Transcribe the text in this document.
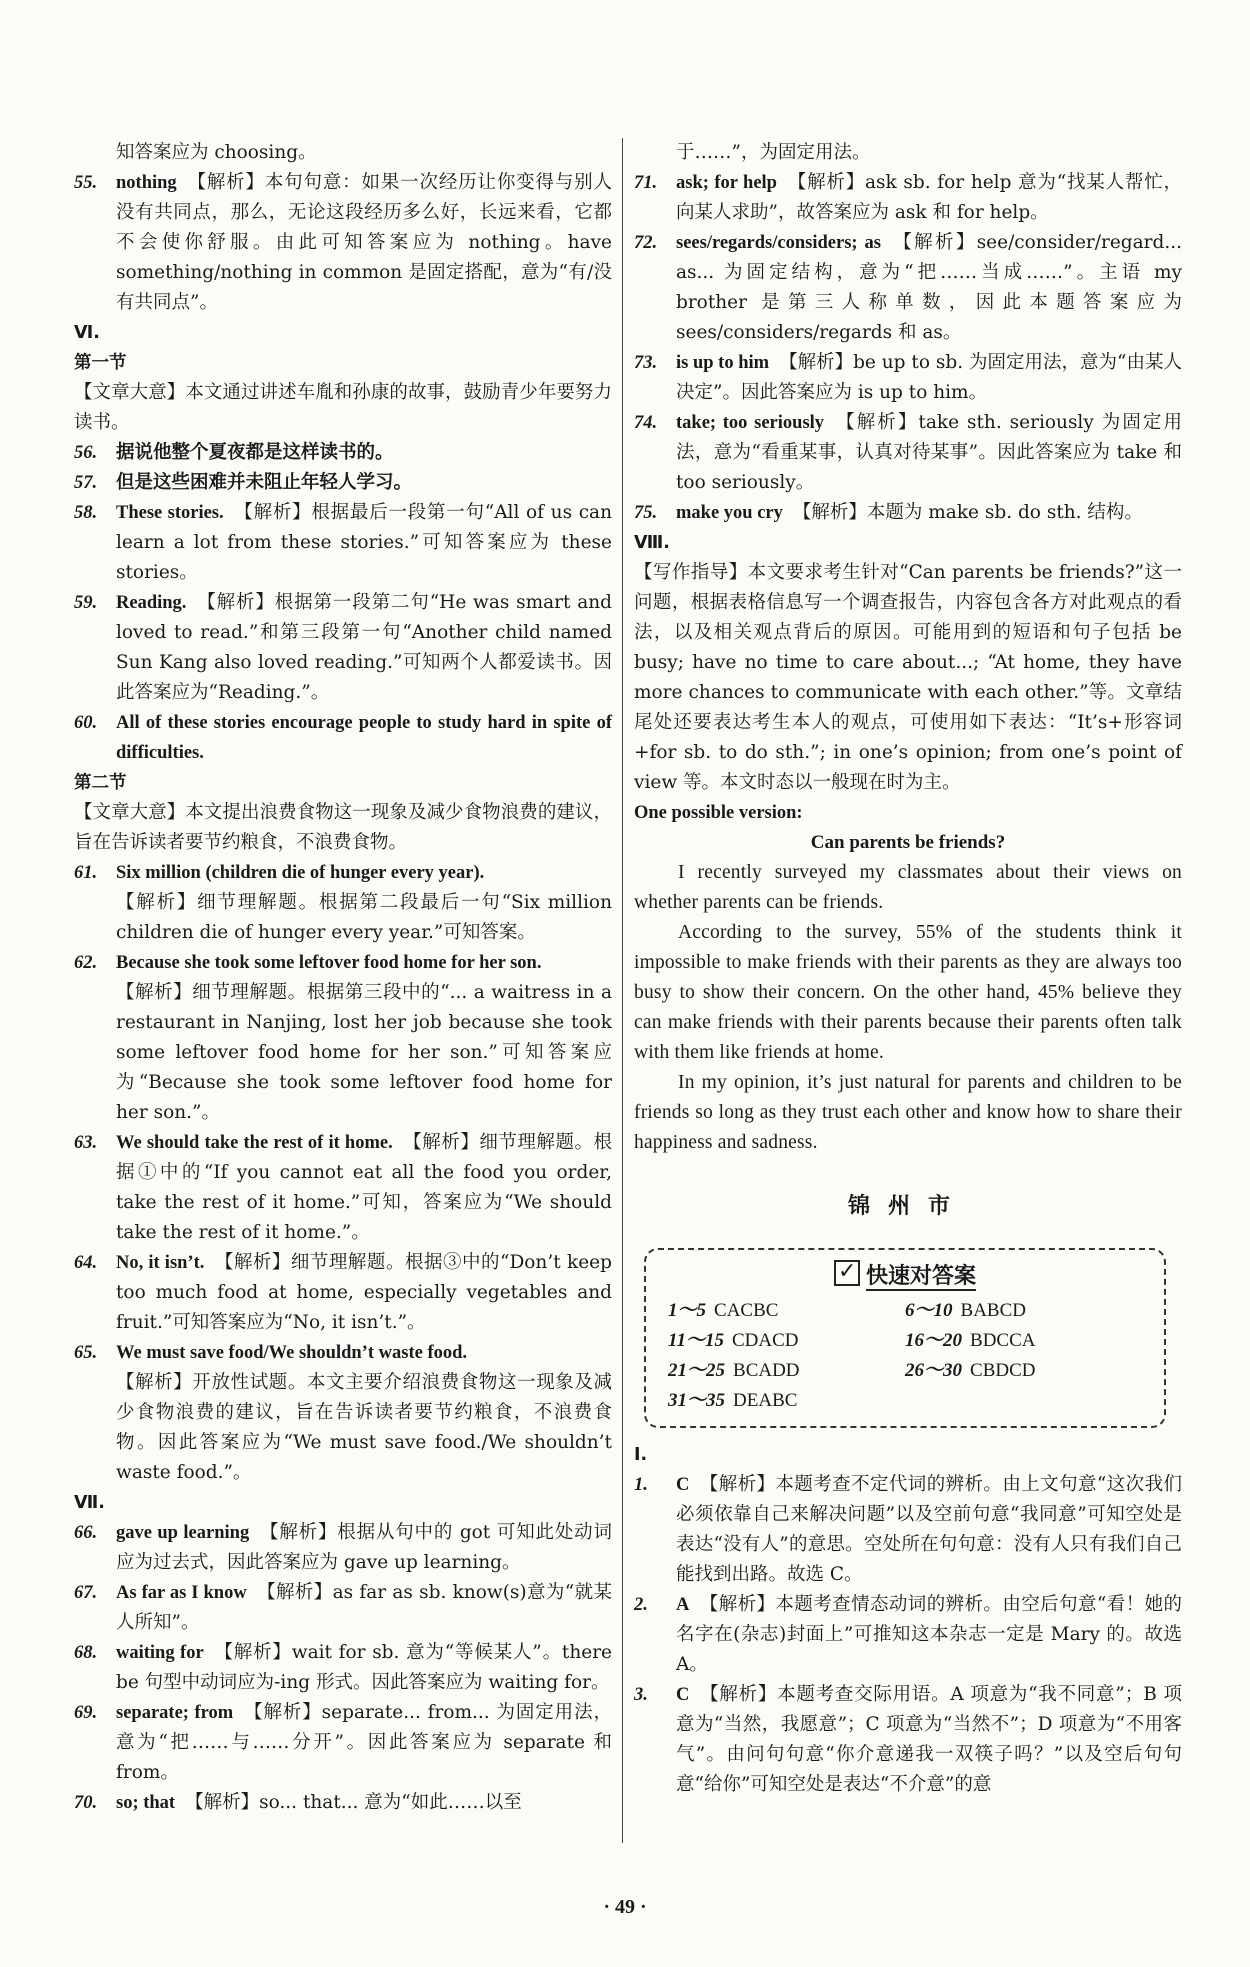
知答案应为 choosing。

55. nothing 【解析】本句句意：如果一次经历让你变得与别人没有共同点，那么，无论这段经历多么好，长远来看，它都不会使你舒服。由此可知答案应为 nothing。have something/nothing in common 是固定搭配，意为“有/没有共同点”。

Ⅵ.

第一节

【文章大意】本文通过讲述车胤和孙康的故事，鼓励青少年要努力读书。

56. 据说他整个夏夜都是这样读书的。

57. 但是这些困难并未阻止年轻人学习。

58. These stories. 【解析】根据最后一段第一句“All of us can learn a lot from these stories.”可知答案应为 these stories。

59. Reading. 【解析】根据第一段第二句“He was smart and loved to read.”和第三段第一句“Another child named Sun Kang also loved reading.”可知两个人都爱读书。因此答案应为“Reading.”。

60. All of these stories encourage people to study hard in spite of difficulties.

第二节

【文章大意】本文提出浪费食物这一现象及减少食物浪费的建议，旨在告诉读者要节约粮食，不浪费食物。

61. Six million (children die of hunger every year).

【解析】细节理解题。根据第二段最后一句“Six million children die of hunger every year.”可知答案。

62. Because she took some leftover food home for her son.

【解析】细节理解题。根据第三段中的“... a waitress in a restaurant in Nanjing, lost her job because she took some leftover food home for her son.”可知答案应为“Because she took some leftover food home for her son.”。

63. We should take the rest of it home. 【解析】细节理解题。根据①中的“If you cannot eat all the food you order, take the rest of it home.”可知，答案应为“We should take the rest of it home.”。

64. No, it isn’t. 【解析】细节理解题。根据③中的“Don’t keep too much food at home, especially vegetables and fruit.”可知答案应为“No, it isn’t.”。

65. We must save food/We shouldn’t waste food.

【解析】开放性试题。本文主要介绍浪费食物这一现象及减少食物浪费的建议，旨在告诉读者要节约粮食，不浪费食物。因此答案应为“We must save food./We shouldn’t waste food.”。

Ⅶ.

66. gave up learning 【解析】根据从句中的 got 可知此处动词应为过去式，因此答案应为 gave up learning。

67. As far as I know 【解析】as far as sb. know(s)意为“就某人所知”。

68. waiting for 【解析】wait for sb. 意为“等候某人”。there be 句型中动词应为-ing 形式。因此答案应为 waiting for。

69. separate; from 【解析】separate... from... 为固定用法，意为“把……与……分开”。因此答案应为 separate 和 from。

70. so; that 【解析】so... that... 意为“如此……以至

于……”，为固定用法。

71. ask; for help 【解析】ask sb. for help 意为“找某人帮忙，向某人求助”，故答案应为 ask 和 for help。

72. sees/regards/considers; as 【解析】see/consider/regard... as... 为固定结构，意为“把……当成……”。主语 my brother 是第三人称单数，因此本题答案应为 sees/considers/regards 和 as。

73. is up to him 【解析】be up to sb. 为固定用法，意为“由某人决定”。因此答案应为 is up to him。

74. take; too seriously 【解析】take sth. seriously 为固定用法，意为“看重某事，认真对待某事”。因此答案应为 take 和 too seriously。

75. make you cry 【解析】本题为 make sb. do sth. 结构。

Ⅷ.

【写作指导】本文要求考生针对“Can parents be friends?”这一问题，根据表格信息写一个调查报告，内容包含各方对此观点的看法，以及相关观点背后的原因。可能用到的短语和句子包括 be busy; have no time to care about...; “At home, they have more chances to communicate with each other.”等。文章结尾处还要表达考生本人的观点，可使用如下表达：“It’s+形容词+for sb. to do sth.”; in one’s opinion; from one’s point of view 等。本文时态以一般现在时为主。

One possible version:

Can parents be friends?

I recently surveyed my classmates about their views on whether parents can be friends.

According to the survey, 55% of the students think it impossible to make friends with their parents as they are always too busy to show their concern. On the other hand, 45% believe they can make friends with their parents because their parents often talk with them like friends at home.

In my opinion, it’s just natural for parents and children to be friends so long as they trust each other and know how to share their happiness and sadness.

锦州市
✓快速对答案
1～5 CACBC	6～10 BABCD
11～15 CDACD	16～20 BDCCA
21～25 BCADD	26～30 CBDCD
31～35 DEABC

Ⅰ.

1. C 【解析】本题考查不定代词的辨析。由上文句意“这次我们必须依靠自己来解决问题”以及空前句意“我同意”可知空处是表达“没有人”的意思。空处所在句句意：没有人只有我们自己能找到出路。故选 C。

2. A 【解析】本题考查情态动词的辨析。由空后句意“看！她的名字在(杂志)封面上”可推知这本杂志一定是 Mary 的。故选 A。

3. C 【解析】本题考查交际用语。A 项意为“我不同意”；B 项意为“当然，我愿意”；C 项意为“当然不”；D 项意为“不用客气”。由问句句意“你介意递我一双筷子吗？”以及空后句句意“给你”可知空处是表达“不介意”的意

· 49 ·
